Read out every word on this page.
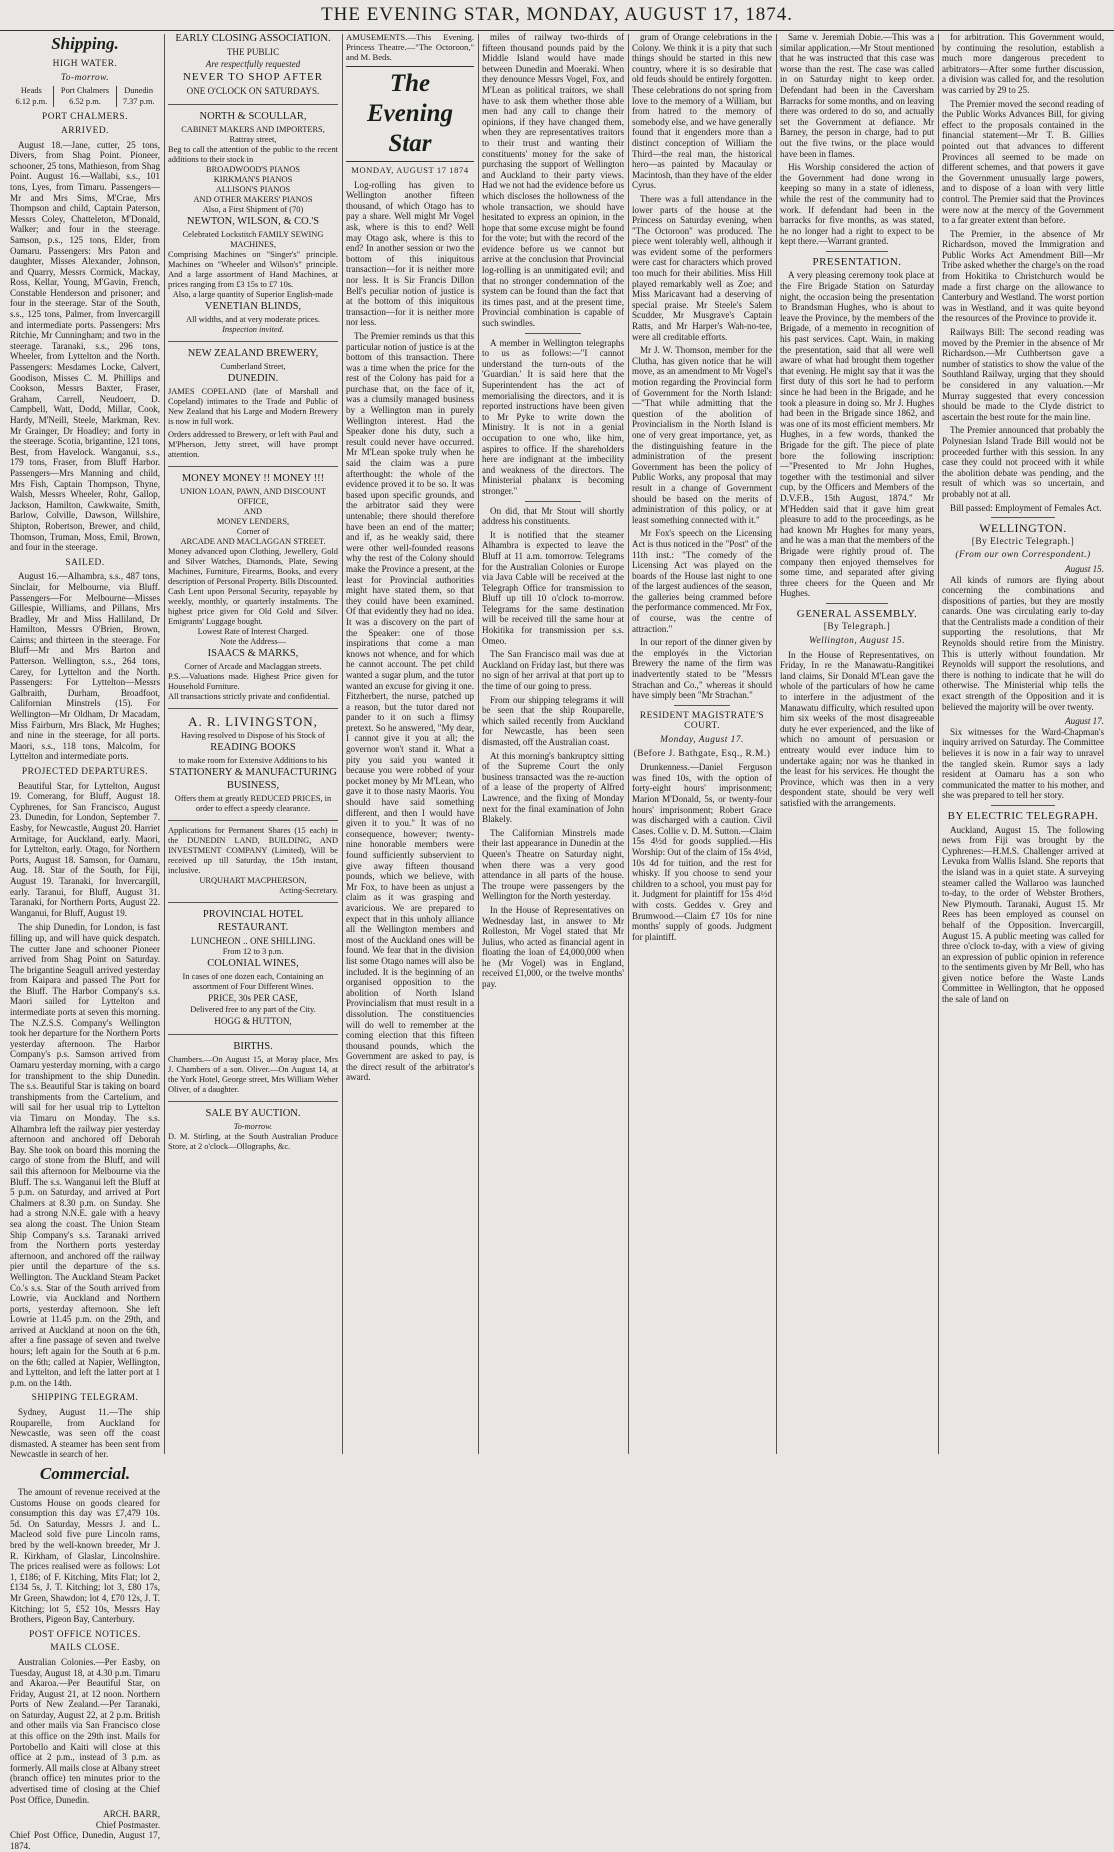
THE EVENING STAR, MONDAY, AUGUST 17, 1874.
Shipping.
HIGH WATER.
To-morrow.
Heads	Port Chalmers	Dunedin
6.12 p.m.	6.52 p.m.	7.37 p.m.
PORT CHALMERS.
ARRIVED.

August 18.—Jane, cutter, 25 tons, Divers, from Shag Point. Pioneer, schooner, 25 tons, Mathieson, from Shag Point. August 16.—Wallabi, s.s., 101 tons, Lyes, from Timaru. Passengers—Mr and Mrs Sims, M'Crae, Mrs Thompson and child, Captain Paterson, Messrs Coley, Chatteleton, M'Donald, Walker; and four in the steerage. Samson, p.s., 125 tons, Elder, from Oamaru. Passengers: Mrs Paton and daughter, Misses Alexander, Johnson, and Quarry, Messrs Cormick, Mackay, Ross, Kellar, Young, M'Gavin, French, Constable Henderson and prisoner; and four in the steerage. Star of the South, s.s., 125 tons, Palmer, from Invercargill and intermediate ports. Passengers: Mrs Ritchie, Mr Cunningham; and two in the steerage. Taranaki, s.s., 296 tons, Wheeler, from Lyttelton and the North. Passengers: Mesdames Locke, Calvert, Goodison, Misses C. M. Phillips and Cookson, Messrs Baxter, Fraser, Graham, Carrell, Neudoerr, D. Campbell, Watt, Dodd, Millar, Cook, Hardy, M'Neill, Steele, Markman, Rev. Mr Grainger, Dr Hoadley; and forty in the steerage. Scotia, brigantine, 121 tons, Best, from Havelock. Wanganui, s.s., 179 tons, Fraser, from Bluff Harbor. Passengers—Mrs Manning and child, Mrs Fish, Captain Thompson, Thyne, Walsh, Messrs Wheeler, Rohr, Gallop, Jackson, Hamilton, Cawkwaite, Smith, Barlow, Colville, Dawson, Willshire, Shipton, Robertson, Brewer, and child, Thomson, Truman, Moss, Emil, Brown, and four in the steerage.

SAILED.

August 16.—Alhambra, s.s., 487 tons, Sinclair, for Melbourne, via Bluff. Passengers—For Melbourne—Misses Gillespie, Williams, and Pillans, Mrs Bradley, Mr and Miss Halliland, Dr Hamilton, Messrs O'Brien, Brown, Cairns; and thirteen in the steerage. For Bluff—Mr and Mrs Barton and Patterson. Wellington, s.s., 264 tons, Carey, for Lyttelton and the North. Passengers: For Lyttelton—Messrs Galbraith, Durham, Broadfoot, Californian Minstrels (15). For Wellington—Mr Oldham, Dr Macadam, Miss Fairburn, Mrs Black, Mr Hughes; and nine in the steerage, for all ports. Maori, s.s., 118 tons, Malcolm, for Lyttelton and intermediate ports.

PROJECTED DEPARTURES.

Beautiful Star, for Lyttelton, August 19. Comerang, for Bluff, August 18. Cyphrenes, for San Francisco, August 23. Dunedin, for London, September 7. Easby, for Newcastle, August 20. Harriet Armitage, for Auckland, early. Maori, for Lyttelton, early. Otago, for Northern Ports, August 18. Samson, for Oamaru, Aug. 18. Star of the South, for Fiji, August 19. Taranaki, for Invercargill, early. Taranui, for Bluff, August 31. Taranaki, for Northern Ports, August 22. Wanganui, for Bluff, August 19.

The ship Dunedin, for London, is fast filling up, and will have quick despatch. The cutter Jane and schooner Pioneer arrived from Shag Point on Saturday. The brigantine Seagull arrived yesterday from Kaipara and passed The Port for the Bluff. The Harbor Company's s.s. Maori sailed for Lyttelton and intermediate ports at seven this morning. The N.Z.S.S. Company's Wellington took her departure for the Northern Ports yesterday afternoon. The Harbor Company's p.s. Samson arrived from Oamaru yesterday morning, with a cargo for transhipment to the ship Dunedin. The s.s. Beautiful Star is taking on board transhipments from the Cartelium, and will sail for her usual trip to Lyttelton via Timaru on Monday. The s.s. Alhambra left the railway pier yesterday afternoon and anchored off Deborah Bay. She took on board this morning the cargo of stone from the Bluff, and will sail this afternoon for Melbourne via the Bluff. The s.s. Wanganui left the Bluff at 5 p.m. on Saturday, and arrived at Port Chalmers at 8.30 p.m. on Sunday. She had a strong N.N.E. gale with a heavy sea along the coast. The Union Steam Ship Company's s.s. Taranaki arrived from the Northern ports yesterday afternoon, and anchored off the railway pier until the departure of the s.s. Wellington. The Auckland Steam Packet Co.'s s.s. Star of the South arrived from Lowrie, via Auckland and Northern ports, yesterday afternoon. She left Lowrie at 11.45 p.m. on the 29th, and arrived at Auckland at noon on the 6th, after a fine passage of seven and twelve hours; left again for the South at 6 p.m. on the 6th; called at Napier, Wellington, and Lyttelton, and left the latter port at 1 p.m. on the 14th.

SHIPPING TELEGRAM.

Sydney, August 11.—The ship Rouparelle, from Auckland for Newcastle, was seen off the coast dismasted. A steamer has been sent from Newcastle in search of her.

Commercial.

The amount of revenue received at the Customs House on goods cleared for consumption this day was £7,479 10s. 5d. On Saturday, Messrs J. and L. Macleod sold five pure Lincoln rams, bred by the well-known breeder, Mr J. R. Kirkham, of Glaslar, Lincolnshire. The prices realised were as follows: Lot 1, £186; of F. Kitching, Mits Flat; lot 2, £134 5s, J. T. Kitching; lot 3, £80 17s, Mr Green, Shawdon; lot 4, £70 12s, J. T. Kitching; lot 5, £52 10s, Messrs Hay Brothers, Pigeon Bay, Canterbury.

POST OFFICE NOTICES.
MAILS CLOSE.

Australian Colonies.—Per Easby, on Tuesday, August 18, at 4.30 p.m. Timaru and Akaroa.—Per Beautiful Star, on Friday, August 21, at 12 noon. Northern Ports of New Zealand.—Per Taranaki, on Saturday, August 22, at 2 p.m. British and other mails via San Francisco close at this office on the 29th inst. Mails for Portobello and Kaiti will close at this office at 2 p.m., instead of 3 p.m. as formerly. All mails close at Albany street (branch office) ten minutes prior to the advertised time of closing at the Chief Post Office, Dunedin.

ARCH. BARR,
Chief Postmaster.
Chief Post Office, Dunedin, August 17, 1874.
EARLY CLOSING ASSOCIATION.
THE PUBLIC
Are respectfully requested
NEVER TO SHOP AFTER
ONE O'CLOCK ON SATURDAYS.
NORTH & SCOULLAR,
CABINET MAKERS AND IMPORTERS, Rattray street,
Beg to call the attention of the public to the recent additions to their stock in
BROADWOOD'S PIANOS
KIRKMAN'S PIANOS
ALLISON'S PIANOS
AND OTHER MAKERS' PIANOS
Also, a First Shipment of (70)
NEWTON, WILSON, & CO.'S
Celebrated Lockstitch FAMILY SEWING MACHINES,
Comprising Machines on "Singer's" principle. Machines on "Wheeler and Wilson's" principle. And a large assortment of Hand Machines, at prices ranging from £3 15s to £7 10s.
Also, a large quantity of Superior English-made
VENETIAN BLINDS,
All widths, and at very moderate prices.
Inspection invited.
NEW ZEALAND BREWERY,
Cumberland Street,
DUNEDIN.
JAMES COPELAND (late of Marshall and Copeland) intimates to the Trade and Public of New Zealand that his Large and Modern Brewery is now in full work.
Orders addressed to Brewery, or left with Paul and M'Pherson, Jetty street, will have prompt attention.
MONEY MONEY !! MONEY !!!
UNION LOAN, PAWN, AND DISCOUNT OFFICE,
AND
MONEY LENDERS,
Corner of
ARCADE AND MACLAGGAN STREET.
Money advanced upon Clothing, Jewellery, Gold and Silver Watches, Diamonds, Plate, Sewing Machines, Furniture, Firearms, Books, and every description of Personal Property. Bills Discounted. Cash Lent upon Personal Security, repayable by weekly, monthly, or quarterly instalments. The highest price given for Old Gold and Silver. Emigrants' Luggage bought.
Lowest Rate of Interest Charged.
Note the Address—
ISAACS & MARKS,
Corner of Arcade and Maclaggan streets.
P.S.—Valuations made. Highest Price given for Household Furniture.
All transactions strictly private and confidential.
A. R. LIVINGSTON,
Having resolved to Dispose of his Stock of
READING BOOKS
to make room for Extensive Additions to his
STATIONERY & MANUFACTURING BUSINESS,
Offers them at greatly REDUCED PRICES, in order to effect a speedy clearance.
Applications for Permanent Shares (15 each) in the DUNEDIN LAND, BUILDING, AND INVESTMENT COMPANY (Limited), Will be received up till Saturday, the 15th instant, inclusive.
URQUHART MACPHERSON,
Acting-Secretary.
PROVINCIAL HOTEL RESTAURANT.
LUNCHEON .. ONE SHILLING.
From 12 to 3 p.m.
COLONIAL WINES,
In cases of one dozen each, Containing an assortment of Four Different Wines.
PRICE, 30s PER CASE,
Delivered free to any part of the City.
HOGG & HUTTON,
BIRTHS.
Chambers.—On August 15, at Moray place, Mrs J. Chambers of a son. Oliver.—On August 14, at the York Hotel, George street, Mrs William Weber Oliver, of a daughter.
SALE BY AUCTION.
To-morrow.
D. M. Stirling, at the South Australian Produce Store, at 2 o'clock—Ollographs, &c.
AMUSEMENTS.—This Evening. Princess Theatre.—"The Octoroon," and M. Beds.
The Evening Star
MONDAY, AUGUST 17 1874

Log-rolling has given to Wellington another fifteen thousand, of which Otago has to pay a share. Well might Mr Vogel ask, where is this to end? Well may Otago ask, where is this to end? In another session or two the bottom of this iniquitous transaction—for it is neither more nor less. It is Sir Francis Dillon Bell's peculiar notion of justice is at the bottom of this iniquitous transaction—for it is neither more nor less.

The Premier reminds us that this particular notion of justice is at the bottom of this transaction. There was a time when the price for the rest of the Colony has paid for a purchase that, on the face of it, was a clumsily managed business by a Wellington man in purely Wellington interest. Had the Speaker done his duty, such a result could never have occurred. Mr M'Lean spoke truly when he said the claim was a pure afterthought: the whole of the evidence proved it to be so. It was based upon specific grounds, and the arbitrator said they were untenable; there should therefore have been an end of the matter; and if, as he weakly said, there were other well-founded reasons why the rest of the Colony should make the Province a present, at the least for Provincial authorities might have stated them, so that they could have been examined. Of that evidently they had no idea. It was a discovery on the part of the Speaker: one of those inspirations that come a man knows not whence, and for which he cannot account. The pet child wanted a sugar plum, and the tutor wanted an excuse for giving it one. Fitzherbert, the nurse, patched up a reason, but the tutor dared not pander to it on such a flimsy pretext. So he answered, "My dear, I cannot give it you at all; the governor won't stand it. What a pity you said you wanted it because you were robbed of your pocket money by Mr M'Lean, who gave it to those nasty Maoris. You should have said something different, and then I would have given it to you." It was of no consequence, however; twenty-nine honorable members were found sufficiently subservient to give away fifteen thousand pounds, which we believe, with Mr Fox, to have been as unjust a claim as it was grasping and avaricious. We are prepared to expect that in this unholy alliance all the Wellington members and most of the Auckland ones will be found. We fear that in the division list some Otago names will also be included. It is the beginning of an organised opposition to the abolition of North Island Provincialism that must result in a dissolution. The constituencies will do well to remember at the coming election that this fifteen thousand pounds, which the Government are asked to pay, is the direct result of the arbitrator's award.

miles of railway two-thirds of fifteen thousand pounds paid by the Middle Island would have made between Dunedin and Moeraki. When they denounce Messrs Vogel, Fox, and M'Lean as political traitors, we shall have to ask them whether those able men had any call to change their opinions, if they have changed them, when they are representatives traitors to their trust and wanting their constituents' money for the sake of purchasing the support of Wellington and Auckland to their party views. Had we not had the evidence before us which discloses the hollowness of the whole transaction, we should have hesitated to express an opinion, in the hope that some excuse might be found for the vote; but with the record of the evidence before us we cannot but arrive at the conclusion that Provincial log-rolling is an unmitigated evil; and that no stronger condemnation of the system can be found than the fact that its times past, and at the present time, Provincial combination is capable of such swindles.

A member in Wellington telegraphs to us as follows:—"I cannot understand the turn-outs of the 'Guardian.' It is said here that the Superintendent has the act of memorialising the directors, and it is reported instructions have been given to Mr Pyke to write down the Ministry. It is not in a genial occupation to one who, like him, aspires to office. If the shareholders here are indignant at the imbecility and weakness of the directors. The Ministerial phalanx is becoming stronger."

On did, that Mr Stout will shortly address his constituents.

It is notified that the steamer Alhambra is expected to leave the Bluff at 11 a.m. tomorrow. Telegrams for the Australian Colonies or Europe via Java Cable will be received at the Telegraph Office for transmission to Bluff up till 10 o'clock to-morrow. Telegrams for the same destination will be received till the same hour at Hokitika for transmission per s.s. Omeo.

The San Francisco mail was due at Auckland on Friday last, but there was no sign of her arrival at that port up to the time of our going to press.

From our shipping telegrams it will be seen that the ship Rouparelle, which sailed recently from Auckland for Newcastle, has been seen dismasted, off the Australian coast.

At this morning's bankruptcy sitting of the Supreme Court the only business transacted was the re-auction of a lease of the property of Alfred Lawrence, and the fixing of Monday next for the final examination of John Blakely.

The Californian Minstrels made their last appearance in Dunedin at the Queen's Theatre on Saturday night, when there was a very good attendance in all parts of the house. The troupe were passengers by the Wellington for the North yesterday.

In the House of Representatives on Wednesday last, in answer to Mr Rolleston, Mr Vogel stated that Mr Julius, who acted as financial agent in floating the loan of £4,000,000 when he (Mr Vogel) was in England, received £1,000, or the twelve months' pay.

gram of Orange celebrations in the Colony. We think it is a pity that such things should be started in this new country, where it is so desirable that old feuds should be entirely forgotten. These celebrations do not spring from love to the memory of a William, but from hatred to the memory of somebody else, and we have generally found that it engenders more than a distinct conception of William the Third—the real man, the historical hero—as painted by Macaulay or Macintosh, than they have of the elder Cyrus.

There was a full attendance in the lower parts of the house at the Princess on Saturday evening, when "The Octoroon" was produced. The piece went tolerably well, although it was evident some of the performers were cast for characters which proved too much for their abilities. Miss Hill played remarkably well as Zoe; and Miss Maricavant had a deserving of special praise. Mr Steele's Salem Scudder, Mr Musgrave's Captain Ratts, and Mr Harper's Wah-no-tee, were all creditable efforts.

Mr J. W. Thomson, member for the Clutha, has given notice that he will move, as an amendment to Mr Vogel's motion regarding the Provincial form of Government for the North Island:—"That while admitting that the question of the abolition of Provincialism in the North Island is one of very great importance, yet, as the distinguishing feature in the administration of the present Government has been the policy of Public Works, any proposal that may result in a change of Government should be based on the merits of administration of this policy, or at least something connected with it."

Mr Fox's speech on the Licensing Act is thus noticed in the "Post" of the 11th inst.: "The comedy of the Licensing Act was played on the boards of the House last night to one of the largest audiences of the season, the galleries being crammed before the performance commenced. Mr Fox, of course, was the centre of attraction."

In our report of the dinner given by the employés in the Victorian Brewery the name of the firm was inadvertently stated to be "Messrs Strachan and Co.," whereas it should have simply been "Mr Strachan."

RESIDENT MAGISTRATE'S COURT.
Monday, August 17.
(Before J. Bathgate, Esq., R.M.)

Drunkenness.—Daniel Ferguson was fined 10s, with the option of forty-eight hours' imprisonment; Marion M'Donald, 5s, or twenty-four hours' imprisonment; Robert Grace was discharged with a caution. Civil Cases. Collie v. D. M. Sutton.—Claim 15s 4½d for goods supplied.—His Worship: Out of the claim of 15s 4½d, 10s 4d for tuition, and the rest for whisky. If you choose to send your children to a school, you must pay for it. Judgment for plaintiff for 15s 4½d with costs. Geddes v. Grey and Brumwood.—Claim £7 10s for nine months' supply of goods. Judgment for plaintiff.

Same v. Jeremiah Dobie.—This was a similar application.—Mr Stout mentioned that he was instructed that this case was worse than the rest. The case was called in on Saturday night to keep order. Defendant had been in the Caversham Barracks for some months, and on leaving there was ordered to do so, and actually set the Government at defiance. Mr Barney, the person in charge, had to put out the five twins, or the place would have been in flames.

His Worship considered the action of the Government had done wrong in keeping so many in a state of idleness, while the rest of the community had to work. If defendant had been in the barracks for five months, as was stated, he no longer had a right to expect to be kept there.—Warrant granted.

PRESENTATION.

A very pleasing ceremony took place at the Fire Brigade Station on Saturday night, the occasion being the presentation to Brandsman Hughes, who is about to leave the Province, by the members of the Brigade, of a memento in recognition of his past services. Capt. Wain, in making the presentation, said that all were well aware of what had brought them together that evening. He might say that it was the first duty of this sort he had to perform since he had been in the Brigade, and he took a pleasure in doing so. Mr J. Hughes had been in the Brigade since 1862, and was one of its most efficient members. Mr Hughes, in a few words, thanked the Brigade for the gift. The piece of plate bore the following inscription:—"Presented to Mr John Hughes, together with the testimonial and silver cup, by the Officers and Members of the D.V.F.B., 15th August, 1874." Mr M'Hedden said that it gave him great pleasure to add to the proceedings, as he had known Mr Hughes for many years, and he was a man that the members of the Brigade were rightly proud of. The company then enjoyed themselves for some time, and separated after giving three cheers for the Queen and Mr Hughes.

GENERAL ASSEMBLY.
[By Telegraph.]
Wellington, August 15.

In the House of Representatives, on Friday, In re the Manawatu-Rangitikei land claims, Sir Donald M'Lean gave the whole of the particulars of how he came to interfere in the adjustment of the Manawatu difficulty, which resulted upon him six weeks of the most disagreeable duty he ever experienced, and the like of which no amount of persuasion or entreaty would ever induce him to undertake again; nor was he thanked in the least for his services. He thought the Province, which was then in a very despondent state, should be very well satisfied with the arrangements.

for arbitration. This Government would, by continuing the resolution, establish a much more dangerous precedent to arbitrators—After some further discussion, a division was called for, and the resolution was carried by 29 to 25.

The Premier moved the second reading of the Public Works Advances Bill, for giving effect to the proposals contained in the financial statement—Mr T. B. Gillies pointed out that advances to different Provinces all seemed to be made on different schemes, and that powers it gave the Government unusually large powers, and to dispose of a loan with very little control. The Premier said that the Provinces were now at the mercy of the Government to a far greater extent than before.

The Premier, in the absence of Mr Richardson, moved the Immigration and Public Works Act Amendment Bill—Mr Tribe asked whether the charge's on the road from Hokitika to Christchurch would be made a first charge on the allowance to Canterbury and Westland. The worst portion was in Westland, and it was quite beyond the resources of the Province to provide it.

Railways Bill: The second reading was moved by the Premier in the absence of Mr Richardson.—Mr Cuthbertson gave a number of statistics to show the value of the Southland Railway, urging that they should be considered in any valuation.—Mr Murray suggested that every concession should be made to the Clyde district to ascertain the best route for the main line.

The Premier announced that probably the Polynesian Island Trade Bill would not be proceeded further with this session. In any case they could not proceed with it while the abolition debate was pending, and the result of which was so uncertain, and probably not at all.

Bill passed: Employment of Females Act.

WELLINGTON.
[By Electric Telegraph.]
(From our own Correspondent.)
August 15.

All kinds of rumors are flying about concerning the combinations and dispositions of parties, but they are mostly canards. One was circulating early to-day that the Centralists made a condition of their supporting the resolutions, that Mr Reynolds should retire from the Ministry. This is utterly without foundation. Mr Reynolds will support the resolutions, and there is nothing to indicate that he will do otherwise. The Ministerial whip tells the exact strength of the Opposition and it is believed the majority will be over twenty.

August 17.

Six witnesses for the Ward-Chapman's inquiry arrived on Saturday. The Committee believes it is now in a fair way to unravel the tangled skein. Rumor says a lady resident at Oamaru has a son who communicated the matter to his mother, and she was prepared to tell her story.

BY ELECTRIC TELEGRAPH.

Auckland, August 15. The following news from Fiji was brought by the Cyphrenes:—H.M.S. Challenger arrived at Levuka from Wallis Island. She reports that the island was in a quiet state. A surveying steamer called the Wallaroo was launched to-day, to the order of Webster Brothers, New Plymouth. Taranaki, August 15. Mr Rees has been employed as counsel on behalf of the Opposition. Invercargill, August 15. A public meeting was called for three o'clock to-day, with a view of giving an expression of public opinion in reference to the sentiments given by Mr Bell, who has given notice before the Waste Lands Committee in Wellington, that he opposed the sale of land on
